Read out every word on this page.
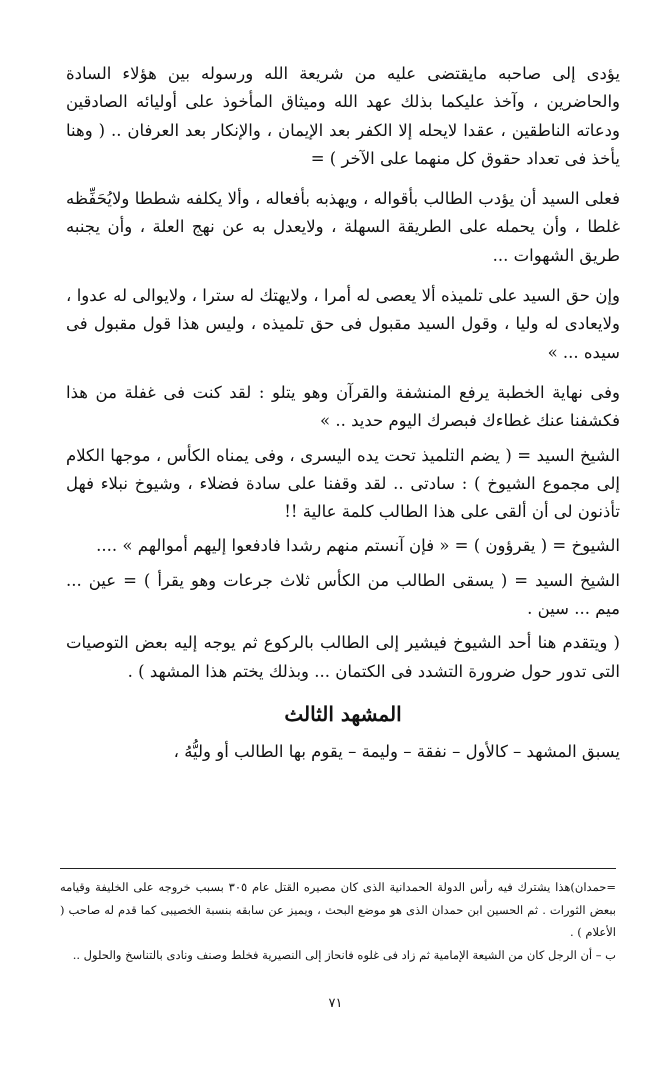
يؤدى إلى صاحبه مايقتضى عليه من شريعة الله ورسوله بين هؤلاء السادة والحاضرين ، وآخذ عليكما بذلك عهد الله وميثاق المأخوذ على أوليائه الصادقين ودعاته الناطقين ، عقدا لايحله إلا الكفر بعد الإيمان ، والإنكار بعد العرفان .. ( وهنا يأخذ فى تعداد حقوق كل منهما على الآخر ) =

فعلى السيد أن يؤدب الطالب بأقواله ، ويهذبه بأفعاله ، وألا يكلفه شططا ولايُحَفِّظه غلطا ، وأن يحمله على الطريقة السهلة ، ولايعدل به عن نهج العلة ، وأن يجنبه طريق الشهوات ...

وإن حق السيد على تلميذه ألا يعصى له أمرا ، ولايهتك له سترا ، ولايوالى له عدوا ، ولايعادى له وليا ، وقول السيد مقبول فى حق تلميذه ، وليس هذا قول مقبول فى سيده ... »

وفى نهاية الخطبة يرفع المنشفة والقرآن وهو يتلو : لقد كنت فى غفلة من هذا فكشفنا عنك غطاءك فبصرك اليوم حديد .. »

الشيخ السيد = ( يضم التلميذ تحت يده اليسرى ، وفى يمناه الكأس ، موجها الكلام إلى مجموع الشيوخ ) : سادتى .. لقد وقفنا على سادة فضلاء ، وشيوخ نبلاء فهل تأذنون لى أن ألقى على هذا الطالب كلمة عالية !!

الشيوخ = ( يقرؤون ) = « فإن آنستم منهم رشدا فادفعوا إليهم أموالهم » ....

الشيخ السيد = ( يسقى الطالب من الكأس ثلاث جرعات وهو يقرأ ) = عين ... ميم ... سين .

( ويتقدم هنا أحد الشيوخ فيشير إلى الطالب بالركوع ثم يوجه إليه بعض التوصيات التى تدور حول ضرورة التشدد فى الكتمان ... وبذلك يختم هذا المشهد ) .

المشهد الثالث

يسبق المشهد – كالأول – نفقة – وليمة – يقوم بها الطالب أو وليُّهُ ،

=حمدان)هذا يشترك فيه رأس الدولة الحمدانية الذى كان مصيره القتل عام ٣٠٥ بسبب خروجه على الخليفة وقيامه ببعض الثورات . ثم الحسين ابن حمدان الذى هو موضع البحث ، ويميز عن سابقه بنسبة الخصيبى كما قدم له صاحب ( الأعلام ) .

ب – أن الرجل كان من الشيعة الإمامية ثم زاد فى غلوه فانحاز إلى النصيرية فخلط وصنف ونادى بالتناسخ والحلول ..

٧١
